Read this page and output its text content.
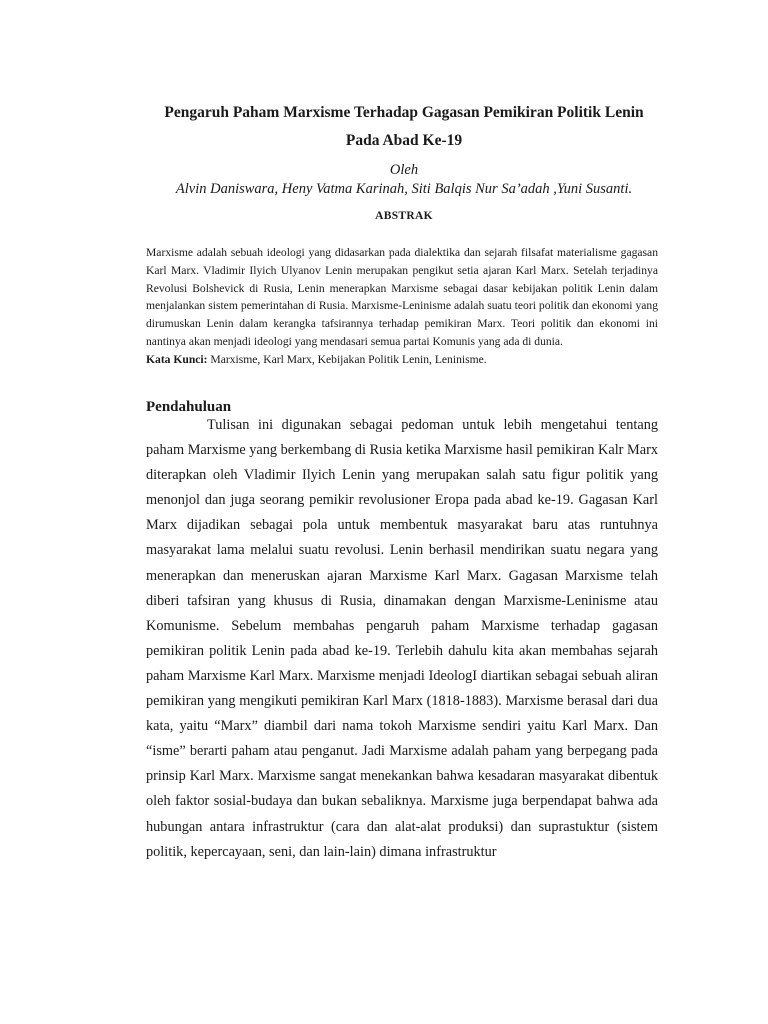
Pengaruh Paham Marxisme Terhadap Gagasan Pemikiran Politik Lenin
Pada Abad Ke-19
Oleh
Alvin Daniswara, Heny Vatma Karinah, Siti Balqis Nur Sa’adah ,Yuni Susanti.
ABSTRAK

Marxisme adalah sebuah ideologi yang didasarkan pada dialektika dan sejarah filsafat materialisme gagasan Karl Marx. Vladimir Ilyich Ulyanov Lenin merupakan pengikut setia ajaran Karl Marx. Setelah terjadinya Revolusi Bolshevick di Rusia, Lenin menerapkan Marxisme sebagai dasar kebijakan politik Lenin dalam menjalankan sistem pemerintahan di Rusia. Marxisme-Leninisme adalah suatu teori politik dan ekonomi yang dirumuskan Lenin dalam kerangka tafsirannya terhadap pemikiran Marx. Teori politik dan ekonomi ini nantinya akan menjadi ideologi yang mendasari semua partai Komunis yang ada di dunia.

Kata Kunci: Marxisme, Karl Marx, Kebijakan Politik Lenin, Leninisme.

Pendahuluan

Tulisan ini digunakan sebagai pedoman untuk lebih mengetahui tentang paham Marxisme yang berkembang di Rusia ketika Marxisme hasil pemikiran Kalr Marx diterapkan oleh Vladimir Ilyich Lenin yang merupakan salah satu figur politik yang menonjol dan juga seorang pemikir revolusioner Eropa pada abad ke-19. Gagasan Karl Marx dijadikan sebagai pola untuk membentuk masyarakat baru atas runtuhnya masyarakat lama melalui suatu revolusi. Lenin berhasil mendirikan suatu negara yang menerapkan dan meneruskan ajaran Marxisme Karl Marx. Gagasan Marxisme telah diberi tafsiran yang khusus di Rusia, dinamakan dengan Marxisme-Leninisme atau Komunisme. Sebelum membahas pengaruh paham Marxisme terhadap gagasan pemikiran politik Lenin pada abad ke-19. Terlebih dahulu kita akan membahas sejarah paham Marxisme Karl Marx. Marxisme menjadi IdeologI diartikan sebagai sebuah aliran pemikiran yang mengikuti pemikiran Karl Marx (1818-1883). Marxisme berasal dari dua kata, yaitu “Marx” diambil dari nama tokoh Marxisme sendiri yaitu Karl Marx. Dan “isme” berarti paham atau penganut. Jadi Marxisme adalah paham yang berpegang pada prinsip Karl Marx. Marxisme sangat menekankan bahwa kesadaran masyarakat dibentuk oleh faktor sosial-budaya dan bukan sebaliknya. Marxisme juga berpendapat bahwa ada hubungan antara infrastruktur (cara dan alat-alat produksi) dan suprastuktur (sistem politik, kepercayaan, seni, dan lain-lain) dimana infrastruktur
